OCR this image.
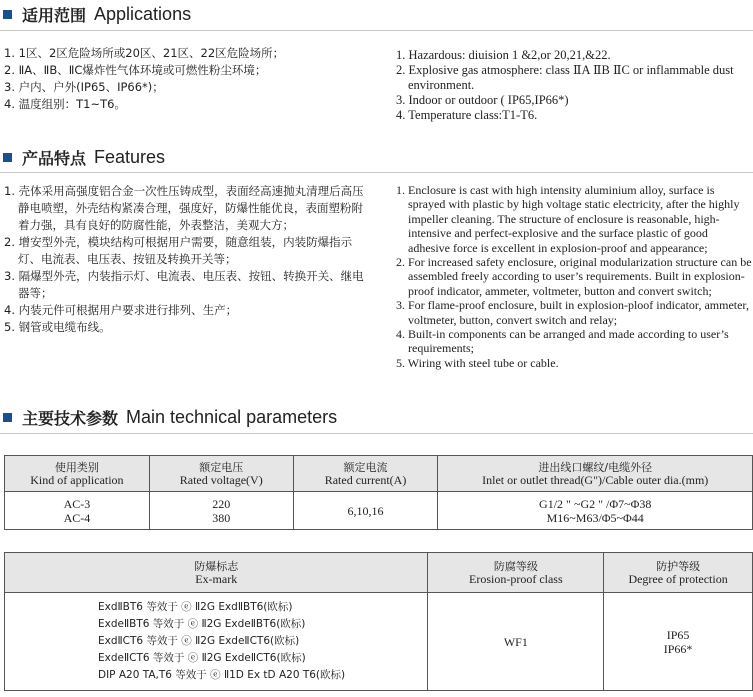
适用范围 Applications

1. 1区、2区危险场所或20区、21区、22区危险场所；

2. ⅡA、ⅡB、ⅡC爆炸性气体环境或可燃性粉尘环境；

3. 户内、户外(IP65、IP66*)；

4. 温度组别：T1~T6。

1. Hazardous: diuision 1 &2,or 20,21,&22.

2. Explosive gas atmosphere: class ⅡA ⅡB ⅡC or inflammable dust environment.

3. Indoor or outdoor ( IP65,IP66*)

4. Temperature class:T1-T6.

产品特点 Features

1. 壳体采用高强度铝合金一次性压铸成型，表面经高速抛丸清理后高压静电喷塑，外壳结构紧凑合理，强度好，防爆性能优良，表面塑粉附着力强，具有良好的防腐性能，外表整洁，美观大方；

2. 增安型外壳，模块结构可根据用户需要，随意组装，内装防爆指示灯、电流表、电压表、按钮及转换开关等；

3. 隔爆型外壳，内装指示灯、电流表、电压表、按钮、转换开关、继电器等；

4. 内装元件可根据用户要求进行排列、生产；

5. 钢管或电缆布线。

1. Enclosure is cast with high intensity aluminium alloy, surface is sprayed with plastic by high voltage static electricity, after the highly impeller cleaning. The structure of enclosure is reasonable, high-intensive and perfect-explosive and the surface plastic of good adhesive force is excellent in explosion-proof and appearance;

2. For increased safety enclosure, original modularization structure can be assembled freely according to user’s requirements. Built in explosion-proof indicator, ammeter, voltmeter, button and convert switch;

3. For flame-proof enclosure, built in explosion-ploof indicator, ammeter, voltmeter, button, convert switch and relay;

4. Built-in components can be arranged and made according to user’s requirements;

5. Wiring with steel tube or cable.

主要技术参数 Main technical parameters
使用类别
Kind of application	额定电压
Rated voltage(V)	额定电流
Rated current(A)	进出线口螺纹/电缆外径
Inlet or outlet thread(G")/Cable outer dia.(mm)

AC-3
AC-4	220
380	6,10,16	G1/2 " ~G2 " /Φ7~Φ38
M16~M63/Φ5~Φ44
防爆标志
Ex-mark	防腐等级
Erosion-proof class	防护等级
Degree of protection

ExdⅡBT6 等效于 ⓔ Ⅱ2G ExdⅡBT6(欧标)
ExdeⅡBT6 等效于 ⓔ Ⅱ2G ExdeⅡBT6(欧标)
ExdⅡCT6 等效于 ⓔ Ⅱ2G ExdeⅡCT6(欧标)
ExdeⅡCT6 等效于 ⓔ Ⅱ2G ExdeⅡCT6(欧标)
DIP A20 TA,T6 等效于 ⓔ Ⅱ1D Ex tD A20 T6(欧标)	WF1	IP65
IP66*
